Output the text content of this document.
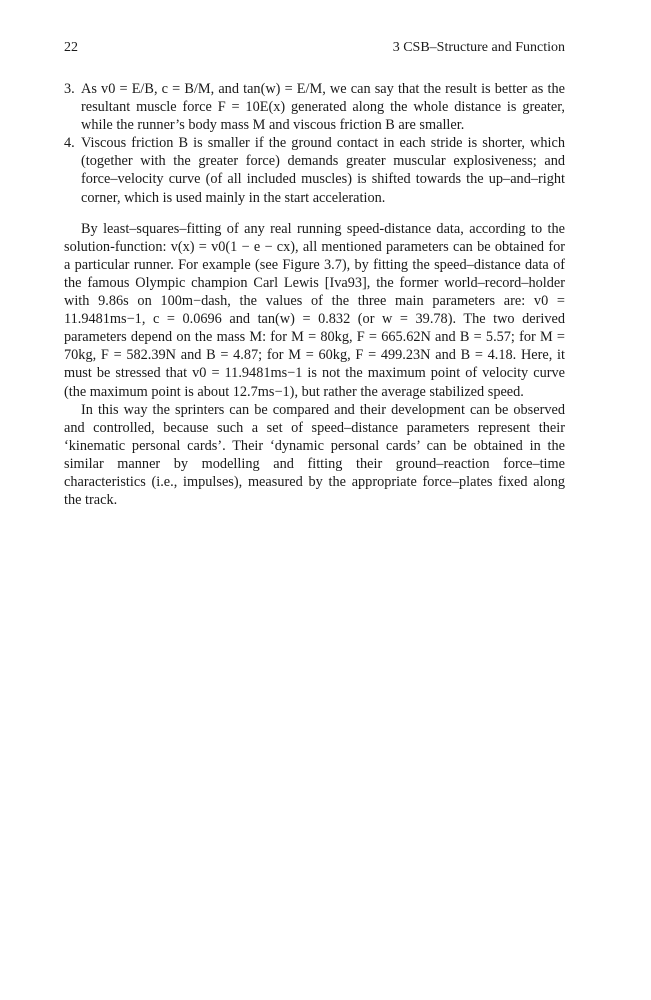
22	3 CSB–Structure and Function
3. As v0 = E/B, c = B/M, and tan(w) = E/M, we can say that the result is better as the resultant muscle force F = 10E(x) generated along the whole distance is greater, while the runner’s body mass M and viscous friction B are smaller.
4. Viscous friction B is smaller if the ground contact in each stride is shorter, which (together with the greater force) demands greater muscular explosiveness; and force–velocity curve (of all included muscles) is shifted towards the up–and–right corner, which is used mainly in the start acceleration.

By least–squares–fitting of any real running speed-distance data, according to the solution-function: v(x) = v0(1 − e − cx), all mentioned parameters can be obtained for a particular runner. For example (see Figure 3.7), by fitting the speed–distance data of the famous Olympic champion Carl Lewis [Iva93], the former world–record–holder with 9.86s on 100m−dash, the values of the three main parameters are: v0 = 11.9481ms−1, c = 0.0696 and tan(w) = 0.832 (or w = 39.78). The two derived parameters depend on the mass M: for M = 80kg, F = 665.62N and B = 5.57; for M = 70kg, F = 582.39N and B = 4.87; for M = 60kg, F = 499.23N and B = 4.18. Here, it must be stressed that v0 = 11.9481ms−1 is not the maximum point of velocity curve (the maximum point is about 12.7ms−1), but rather the average stabilized speed.

In this way the sprinters can be compared and their development can be observed and controlled, because such a set of speed–distance parameters represent their ‘kinematic personal cards’. Their ‘dynamic personal cards’ can be obtained in the similar manner by modelling and fitting their ground–reaction force–time characteristics (i.e., impulses), measured by the appropriate force–plates fixed along the track.
